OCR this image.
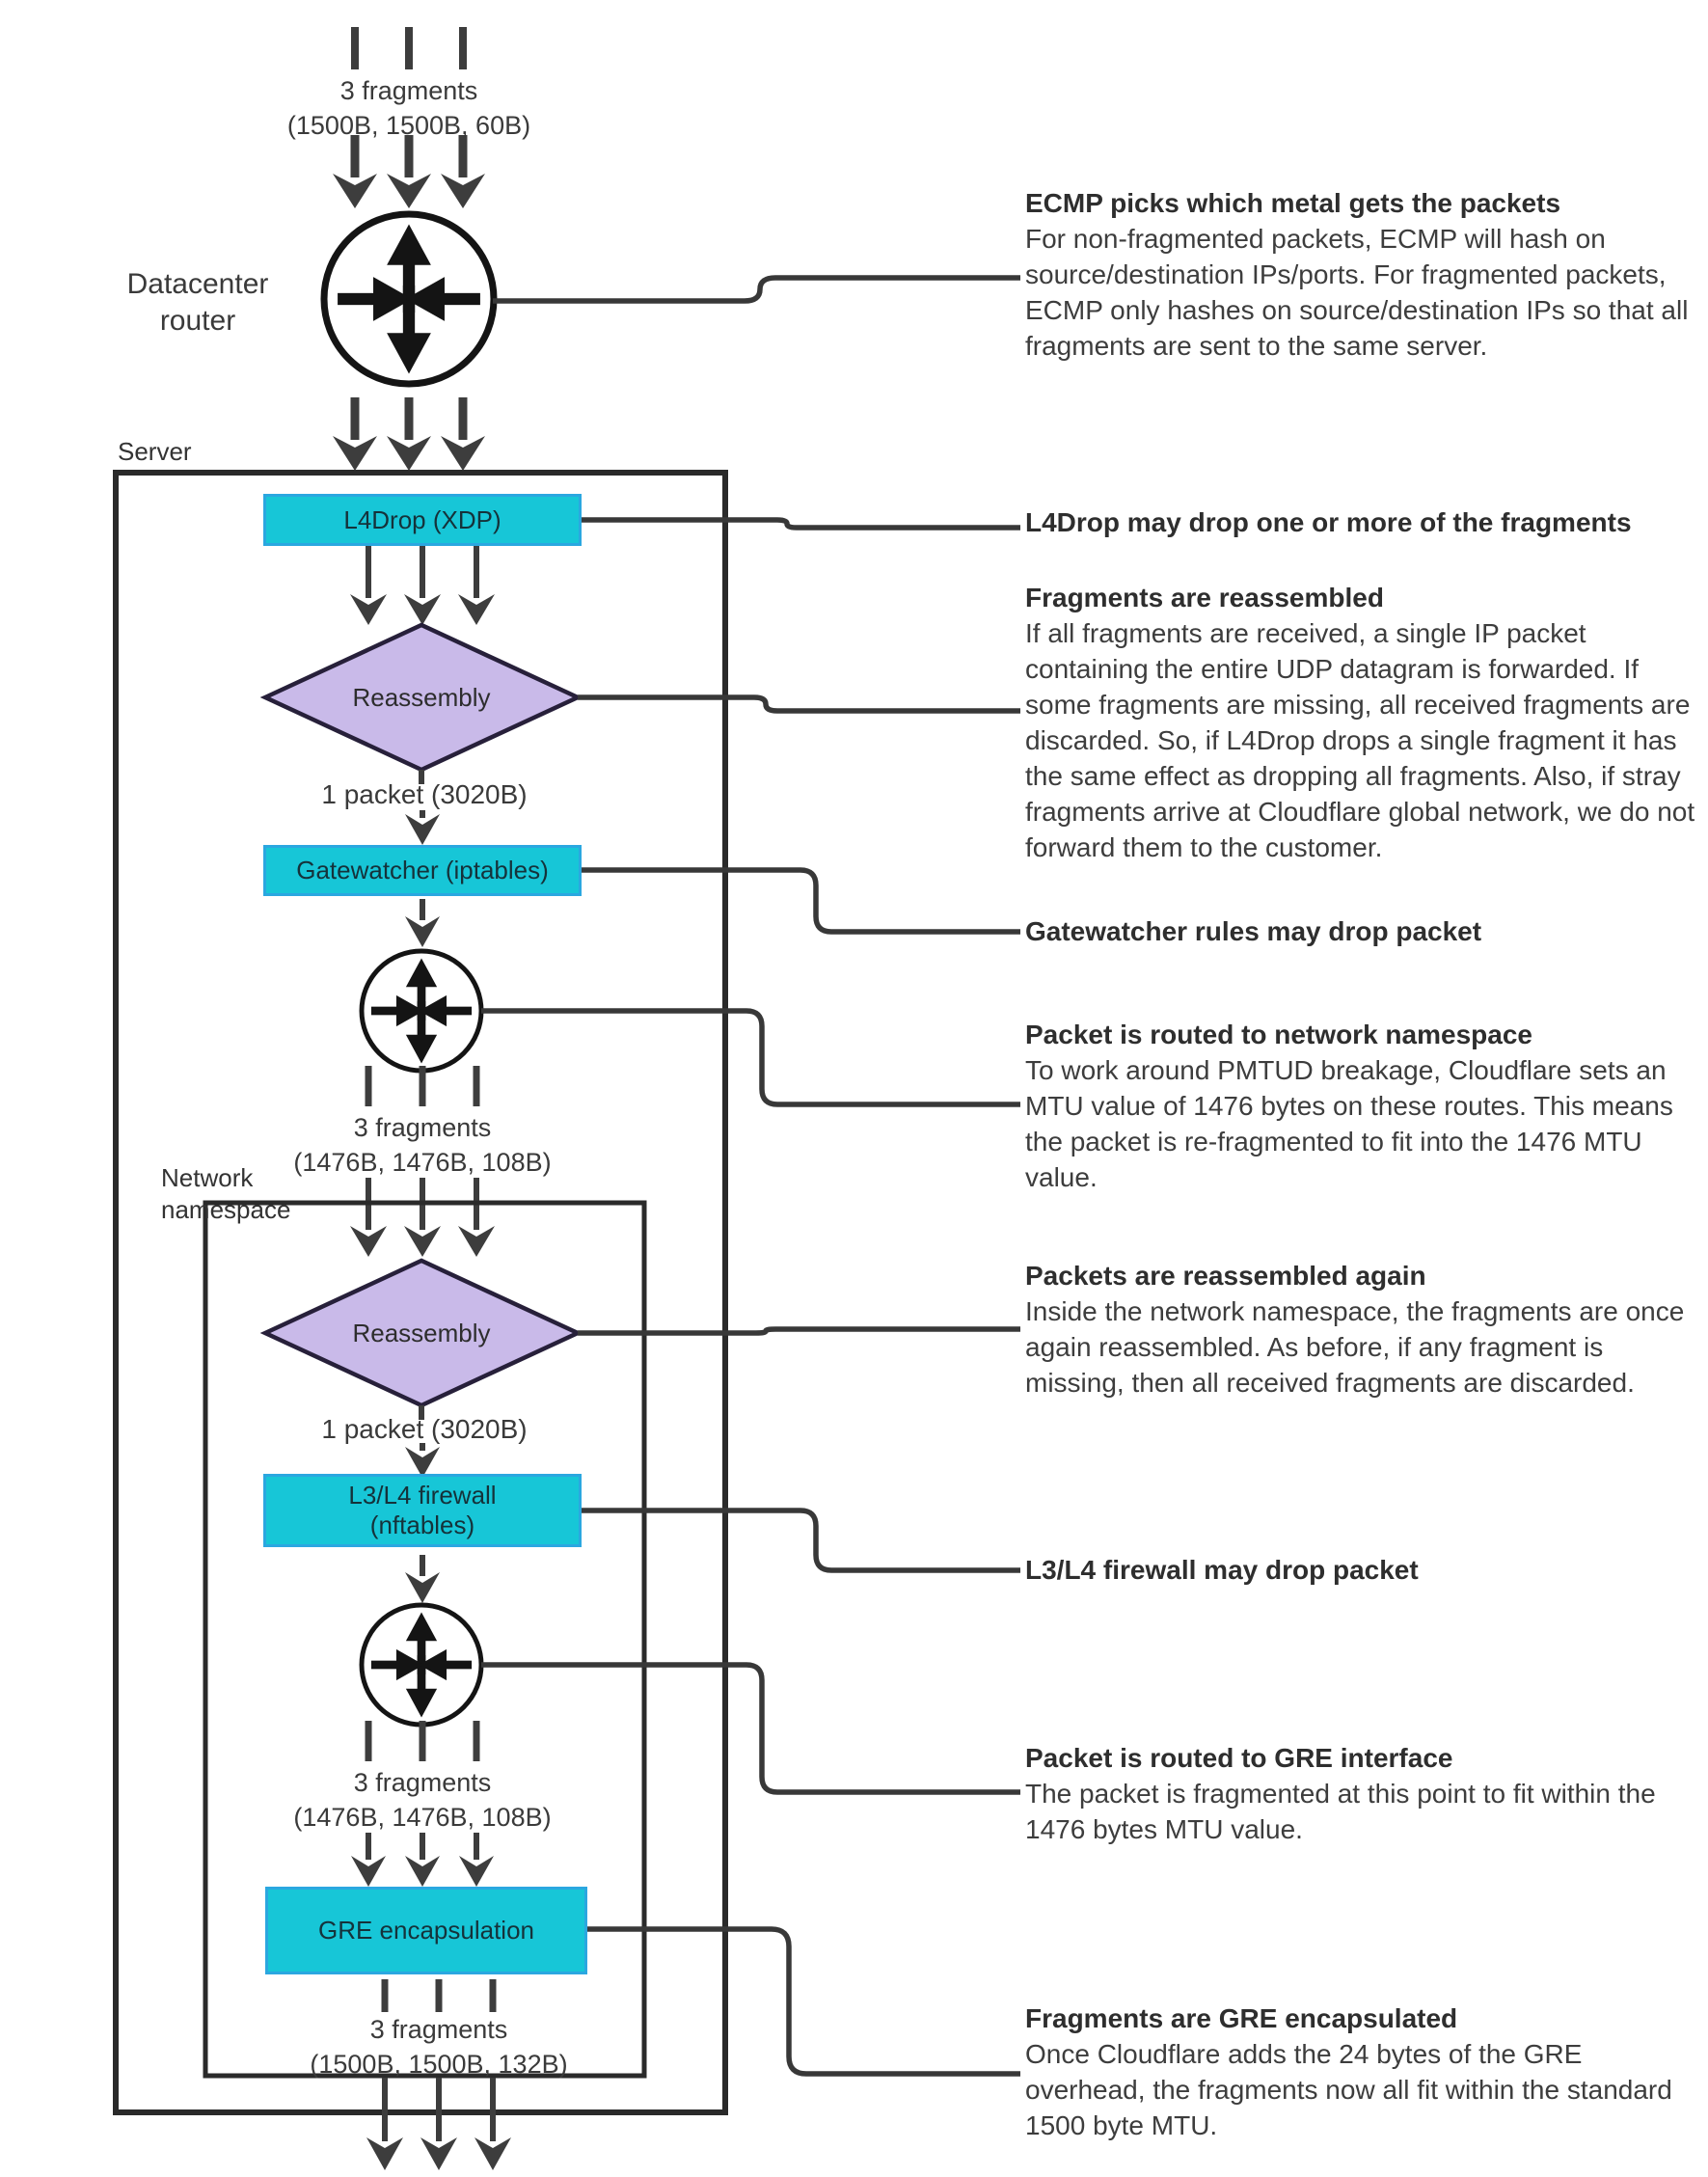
3 fragments
(1500B, 1500B, 60B)
Datacenter
router
Server
L4Drop (XDP)
Reassembly
1 packet (3020B)
Gatewatcher (iptables)
3 fragments
(1476B, 1476B, 108B)
Network
namespace
Reassembly
1 packet (3020B)
L3/L4 firewall
(nftables)
3 fragments
(1476B, 1476B, 108B)
GRE encapsulation
3 fragments
(1500B, 1500B, 132B)
ECMP picks which metal gets the packets

For non-fragmented packets, ECMP will hash on source/destination IPs/ports. For fragmented packets, ECMP only hashes on source/destination IPs so that all fragments are sent to the same server.

L4Drop may drop one or more of the fragments
Fragments are reassembled

If all fragments are received, a single IP packet containing the entire UDP datagram is forwarded. If some fragments are missing, all received fragments are discarded. So, if L4Drop drops a single fragment it has the same effect as dropping all fragments. Also, if stray fragments arrive at Cloudflare global network, we do not forward them to the customer.

Gatewatcher rules may drop packet
Packet is routed to network namespace

To work around PMTUD breakage, Cloudflare sets an MTU value of 1476 bytes on these routes. This means the packet is re-fragmented to fit into the 1476 MTU value.

Packets are reassembled again

Inside the network namespace, the fragments are once again reassembled. As before, if any fragment is missing, then all received fragments are discarded.

L3/L4 firewall may drop packet
Packet is routed to GRE interface

The packet is fragmented at this point to fit within the 1476 bytes MTU value.

Fragments are GRE encapsulated

Once Cloudflare adds the 24 bytes of the GRE overhead, the fragments now all fit within the standard 1500 byte MTU.
